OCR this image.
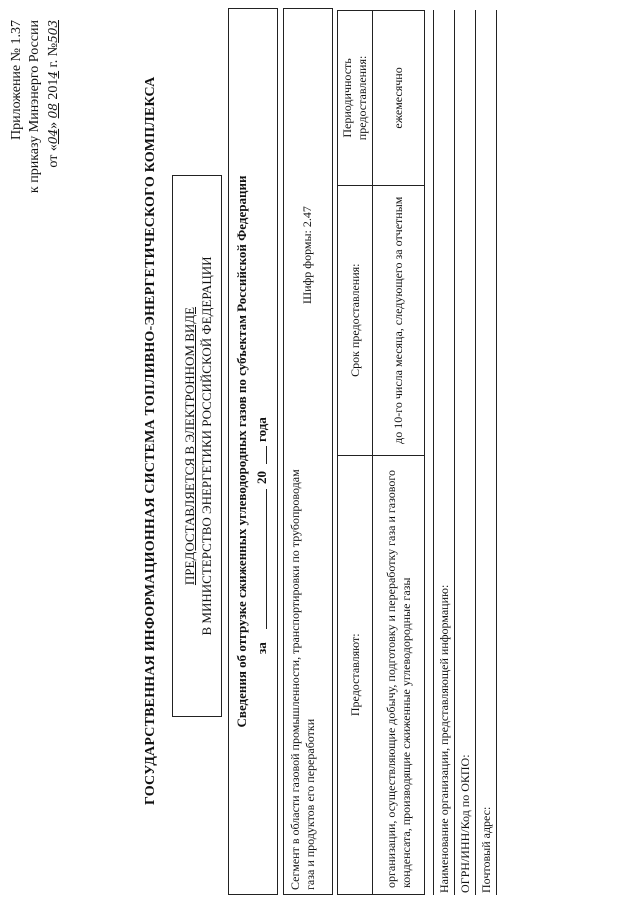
Приложение № 1.37 к приказу Минэнерго России от «04» 08 2014 г. №503
ГОСУДАРСТВЕННАЯ ИНФОРМАЦИОННАЯ СИСТЕМА ТОПЛИВНО-ЭНЕРГЕТИЧЕСКОГО КОМПЛЕКСА ПРЕДОСТАВЛЯЕТСЯ В ЭЛЕКТРОННОМ ВИДЕ В МИНИСТЕРСТВО ЭНЕРГЕТИКИ РОССИЙСКОЙ ФЕДЕРАЦИИ Сведения об отгрузке сжиженных углеводородных газов по субъектам Российской Федерации за
20
года
Сегмент в области газовой промышленности, транспортировки по трубопроводам газа и продуктов его переработки
Шифр формы: 2.47
Предоставляют:	Срок предоставления:	Периодичность предоставления:
организации, осуществляющие добычу, подготовку и переработку газа и газового конденсата, производящие сжиженные углеводородные газы	до 10-го числа месяца, следующего за отчетным	ежемесячно
Наименование организации, представляющей информацию: ОГРН/ИНН/Код по ОКПО: Почтовый адрес:
